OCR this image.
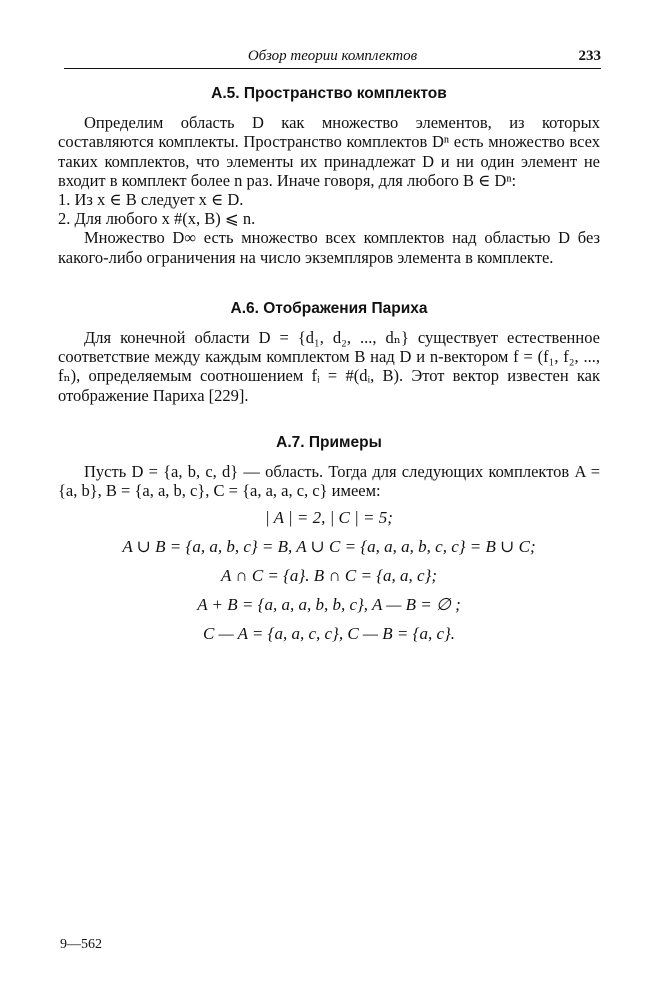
Обзор теории комплектов	233
А.5. Пространство комплектов

Определим область D как множество элементов, из которых составляются комплекты. Пространство комплектов Dⁿ есть множество всех таких комплектов, что элементы их принадлежат D и ни один элемент не входит в комплект более n раз. Иначе говоря, для любого B ∈ Dⁿ:

1. Из x ∈ B следует x ∈ D.

2. Для любого x #(x, B) ⩽ n.

Множество D∞ есть множество всех комплектов над областью D без какого-либо ограничения на число экземпляров элемента в комплекте.

А.6. Отображения Париха

Для конечной области D = {d₁, d₂, ..., dₙ} существует естественное соответствие между каждым комплектом B над D и n-вектором f = (f₁, f₂, ..., fₙ), определяемым соотношением fᵢ = #(dᵢ, B). Этот вектор известен как отображение Париха [229].

А.7. Примеры

Пусть D = {a, b, c, d} — область. Тогда для следующих комплектов A = {a, b}, B = {a, a, b, c}, C = {a, a, a, c, c} имеем:

| A | = 2, | C | = 5;
A ∪ B = {a, a, b, c} = B, A ∪ C = {a, a, a, b, c, c} = B ∪ C;
A ∩ C = {a}. B ∩ C = {a, a, c};
A + B = {a, a, a, b, b, c}, A — B = ∅ ;
C — A = {a, a, c, c}, C — B = {a, c}.
9—562
